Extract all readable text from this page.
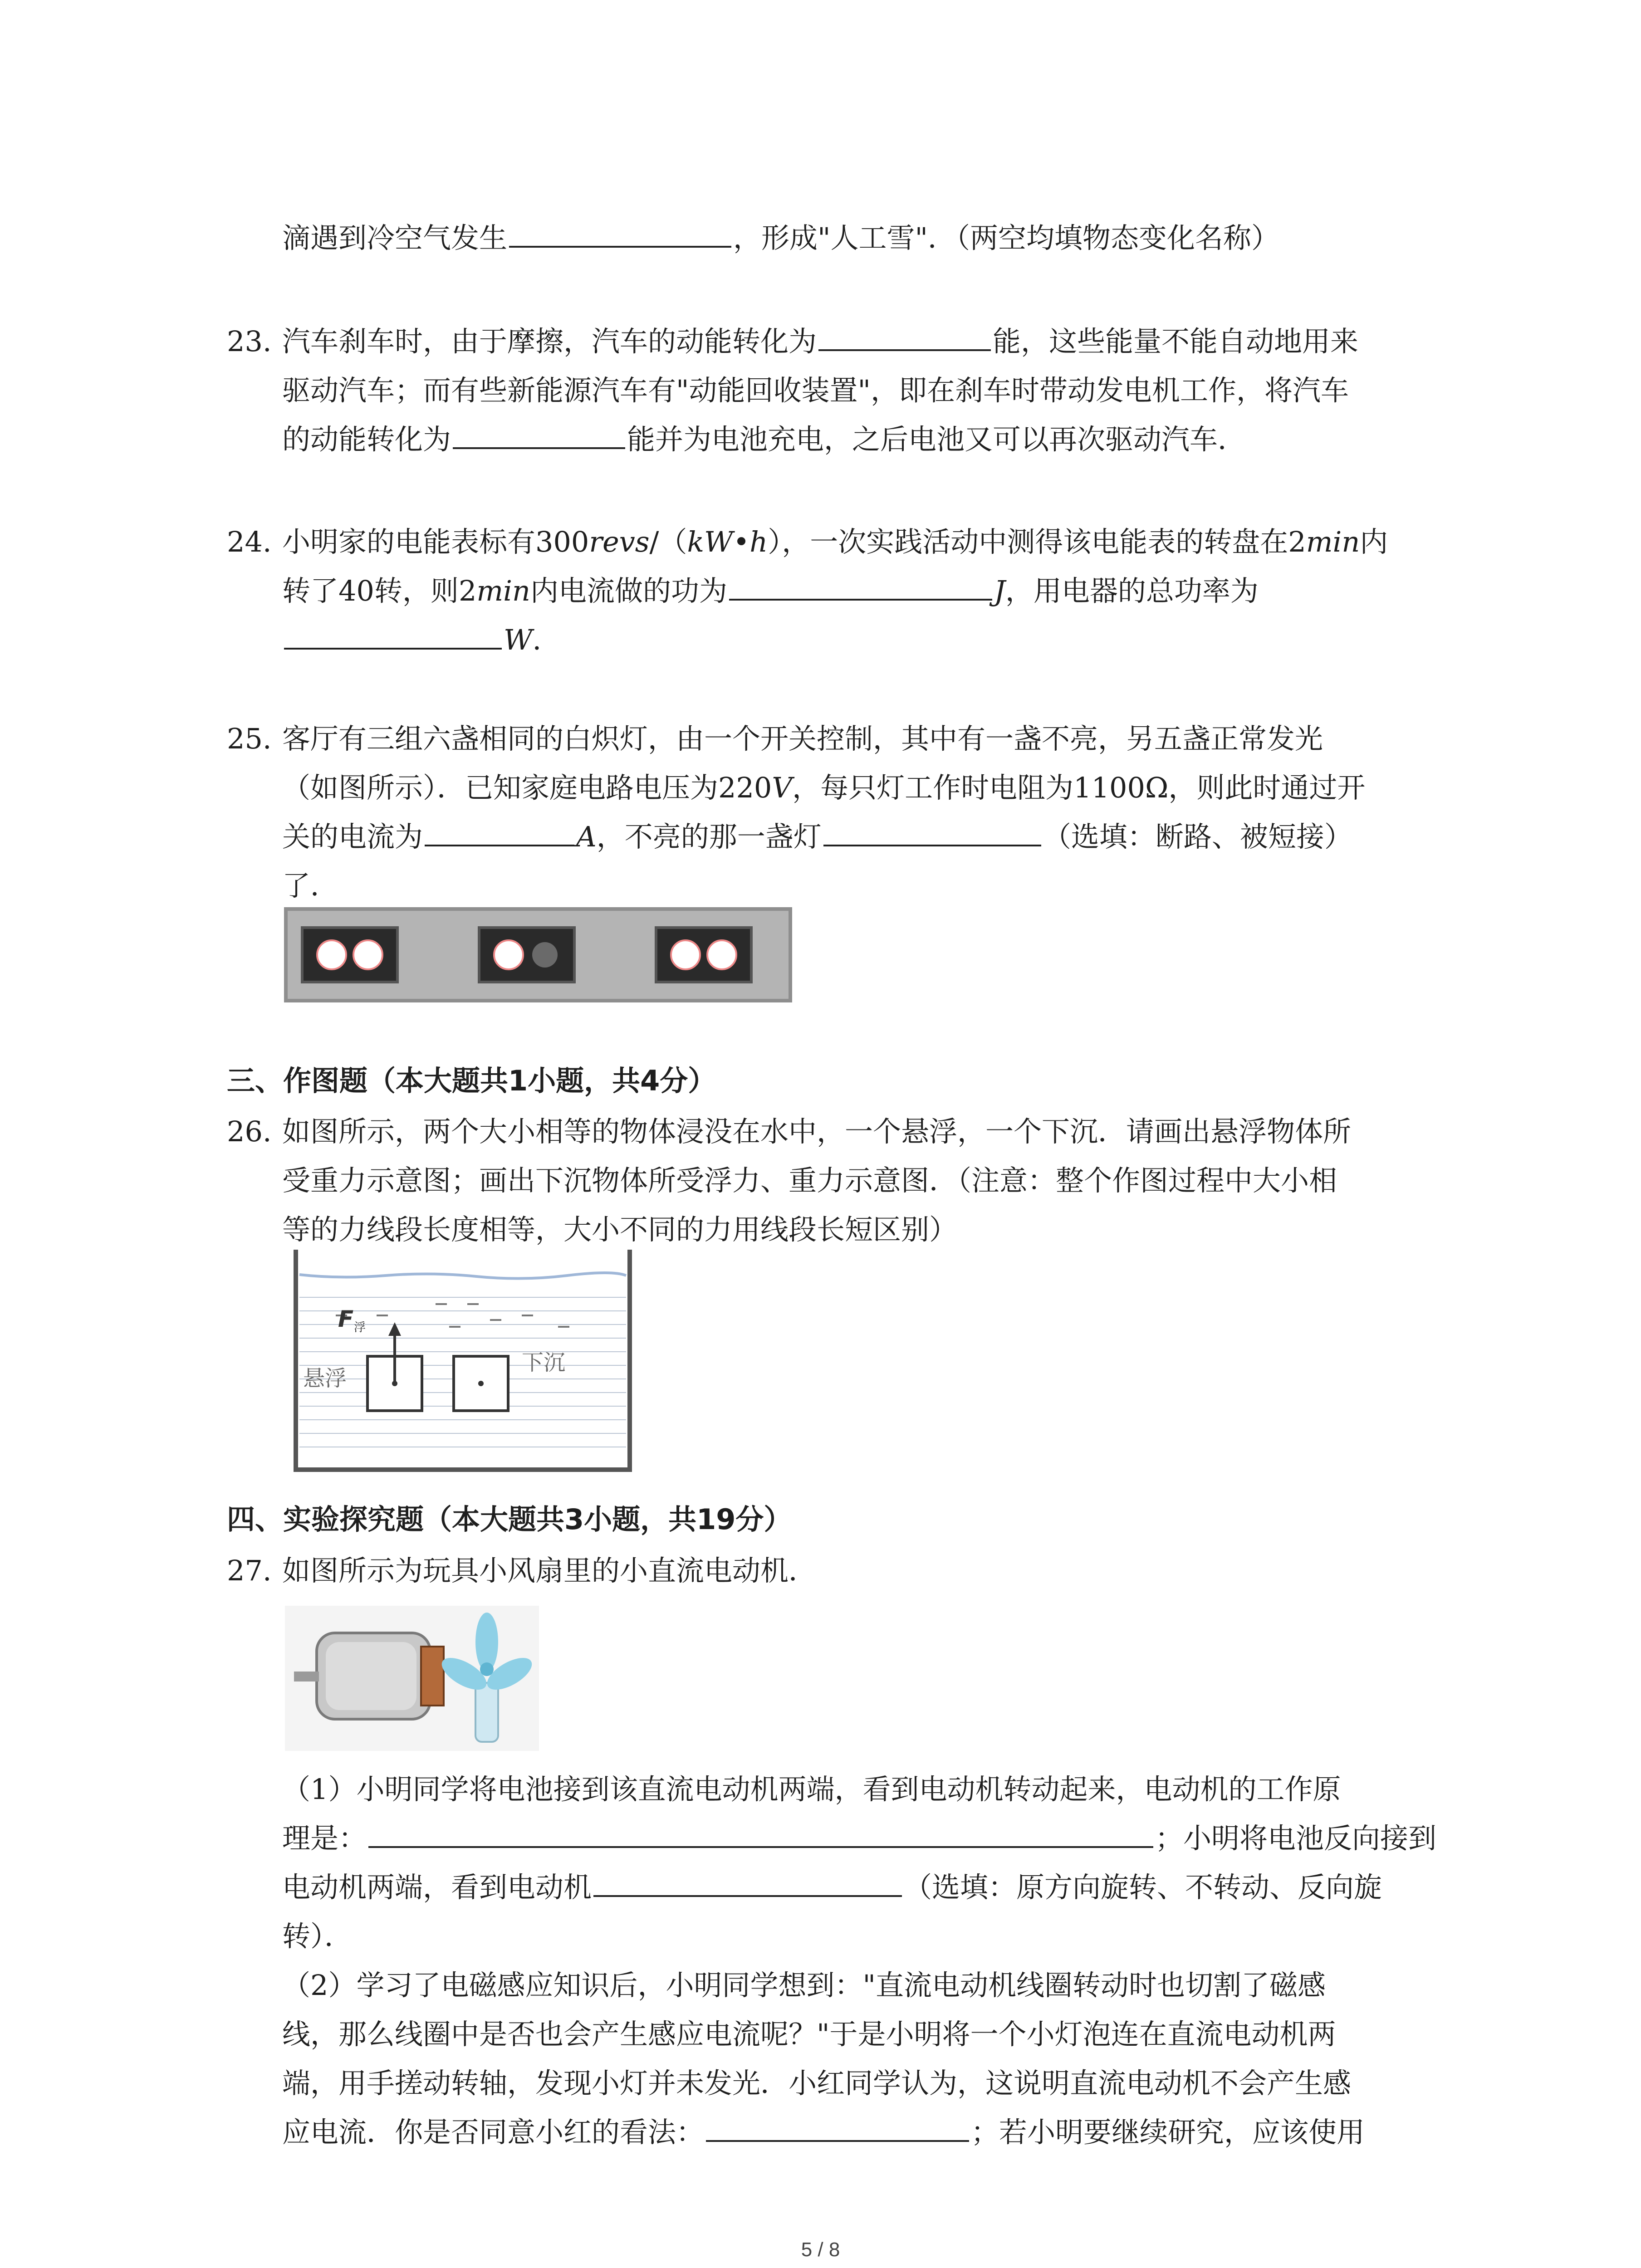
滴遇到冷空气发生	，形成"人工雪"．（两空均填物态变化名称）
23. 汽车刹车时，由于摩擦，汽车的动能转化为	能，这些能量不能自动地用来
驱动汽车；而有些新能源汽车有"动能回收装置"，即在刹车时带动发电机工作，将汽车
的动能转化为	能并为电池充电，之后电池又可以再次驱动汽车．
24. 小明家的电能表标有300revs/（kW•h），一次实践活动中测得该电能表的转盘在2min内
转了40转，则2min内电流做的功为	J，用电器的总功率为
W．
25. 客厅有三组六盏相同的白炽灯，由一个开关控制，其中有一盏不亮，另五盏正常发光
（如图所示）．已知家庭电路电压为220V，每只灯工作时电阻为1100Ω，则此时通过开
关的电流为	A，不亮的那一盏灯	（选填：断路、被短接）
了．
三、作图题（本大题共1小题，共4分）
26. 如图所示，两个大小相等的物体浸没在水中，一个悬浮，一个下沉．请画出悬浮物体所
受重力示意图；画出下沉物体所受浮力、重力示意图．（注意：整个作图过程中大小相
等的力线段长度相等，大小不同的力用线段长短区别）
F 浮
悬浮
下沉
四、实验探究题（本大题共3小题，共19分）
27. 如图所示为玩具小风扇里的小直流电动机．
（1）小明同学将电池接到该直流电动机两端，看到电动机转动起来，电动机的工作原
理是：	；小明将电池反向接到
电动机两端，看到电动机	（选填：原方向旋转、不转动、反向旋
转）．
（2）学习了电磁感应知识后，小明同学想到："直流电动机线圈转动时也切割了磁感
线，那么线圈中是否也会产生感应电流呢？"于是小明将一个小灯泡连在直流电动机两
端，用手搓动转轴，发现小灯并未发光．小红同学认为，这说明直流电动机不会产生感
应电流．你是否同意小红的看法：	；若小明要继续研究，应该使用
5 / 8
